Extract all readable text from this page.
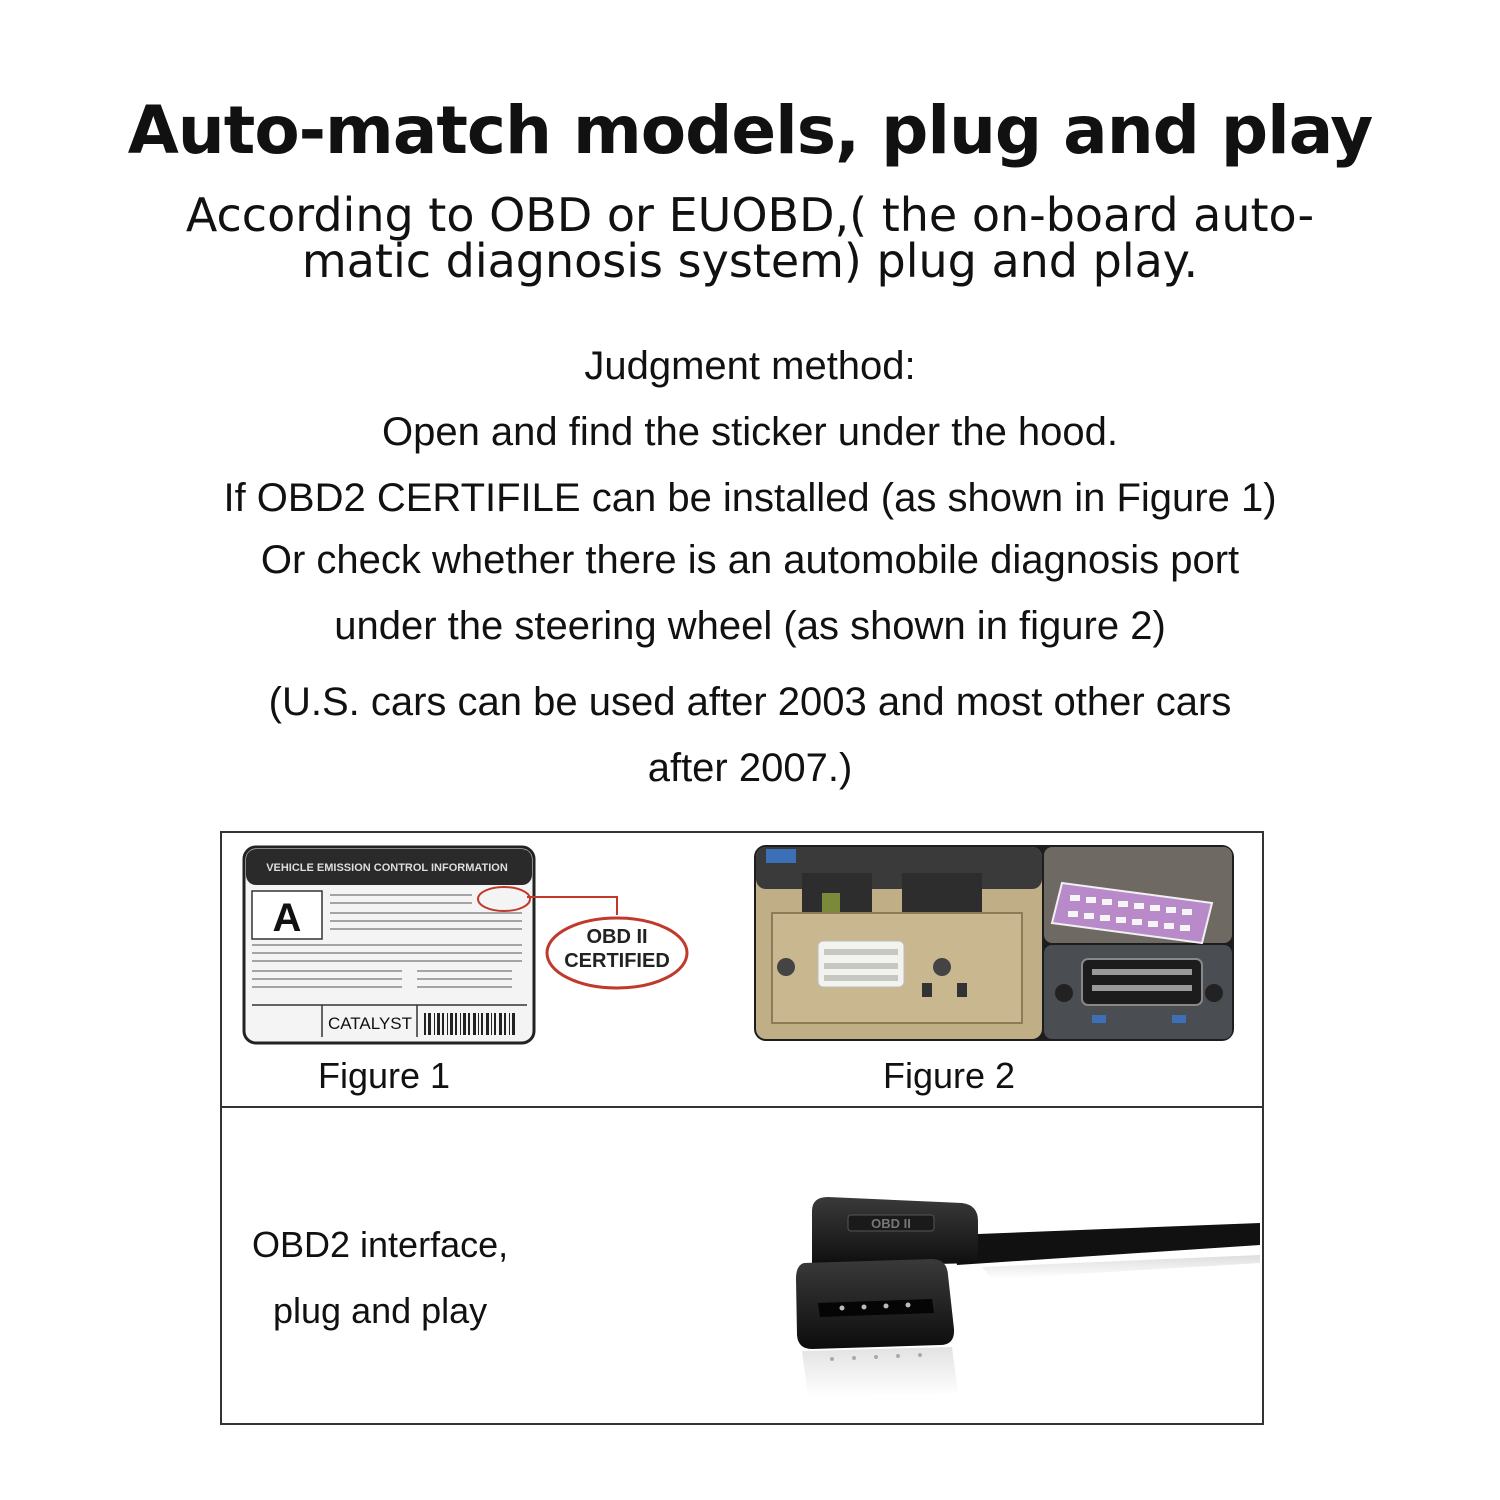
Auto-match models, plug and play
According to OBD or EUOBD,( the on-board auto-
matic diagnosis system) plug and play.
Judgment method:
Open and find the sticker under the hood.
If OBD2 CERTIFILE can be installed (as shown in Figure 1)
Or check whether there is an automobile diagnosis port
under the steering wheel (as shown in figure 2)
(U.S. cars can be used after 2003 and most other cars
after 2007.)
VEHICLE EMISSION CONTROL INFORMATION
A
CATALYST
OBD II
CERTIFIED
Figure 1	Figure 2
OBD2 interface,
plug and play
OBD II
